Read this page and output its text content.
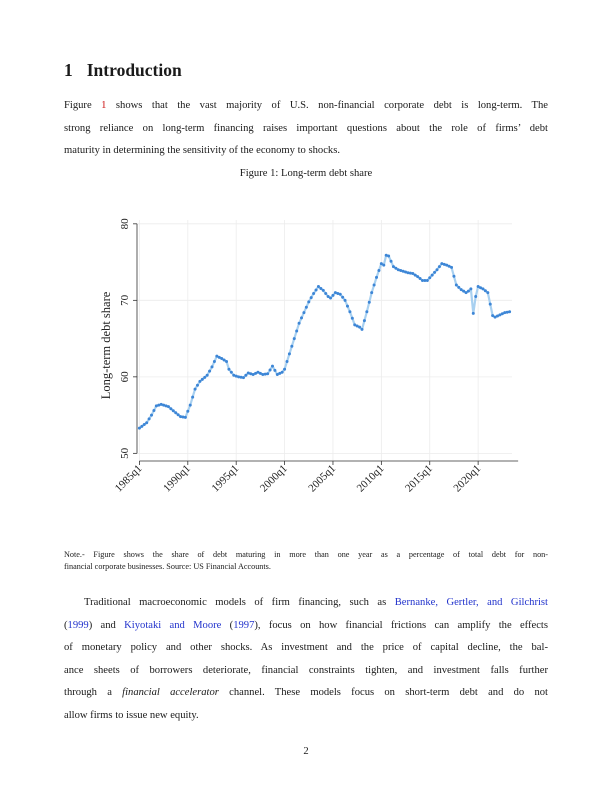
1 Introduction
Figure 1 shows that the vast majority of U.S. non-financial corporate debt is long-term. The
strong reliance on long-term financing raises important questions about the role of firms’ debt
maturity in determining the sensitivity of the economy to shocks.
Figure 1: Long-term debt share
50
60
70
80
1985q1 1990q1 1995q1 2000q1 2005q1 2010q1 2015q1 2020q1
Long-term debt share
Note.- Figure shows the share of debt maturing in more than one year as a percentage of total debt for non-
financial corporate businesses. Source: US Financial Accounts.
Traditional macroeconomic models of firm financing, such as Bernanke, Gertler, and Gilchrist
(1999) and Kiyotaki and Moore (1997), focus on how financial frictions can amplify the effects
of monetary policy and other shocks. As investment and the price of capital decline, the bal-
ance sheets of borrowers deteriorate, financial constraints tighten, and investment falls further
through a financial accelerator channel. These models focus on short-term debt and do not
allow firms to issue new equity.
2
